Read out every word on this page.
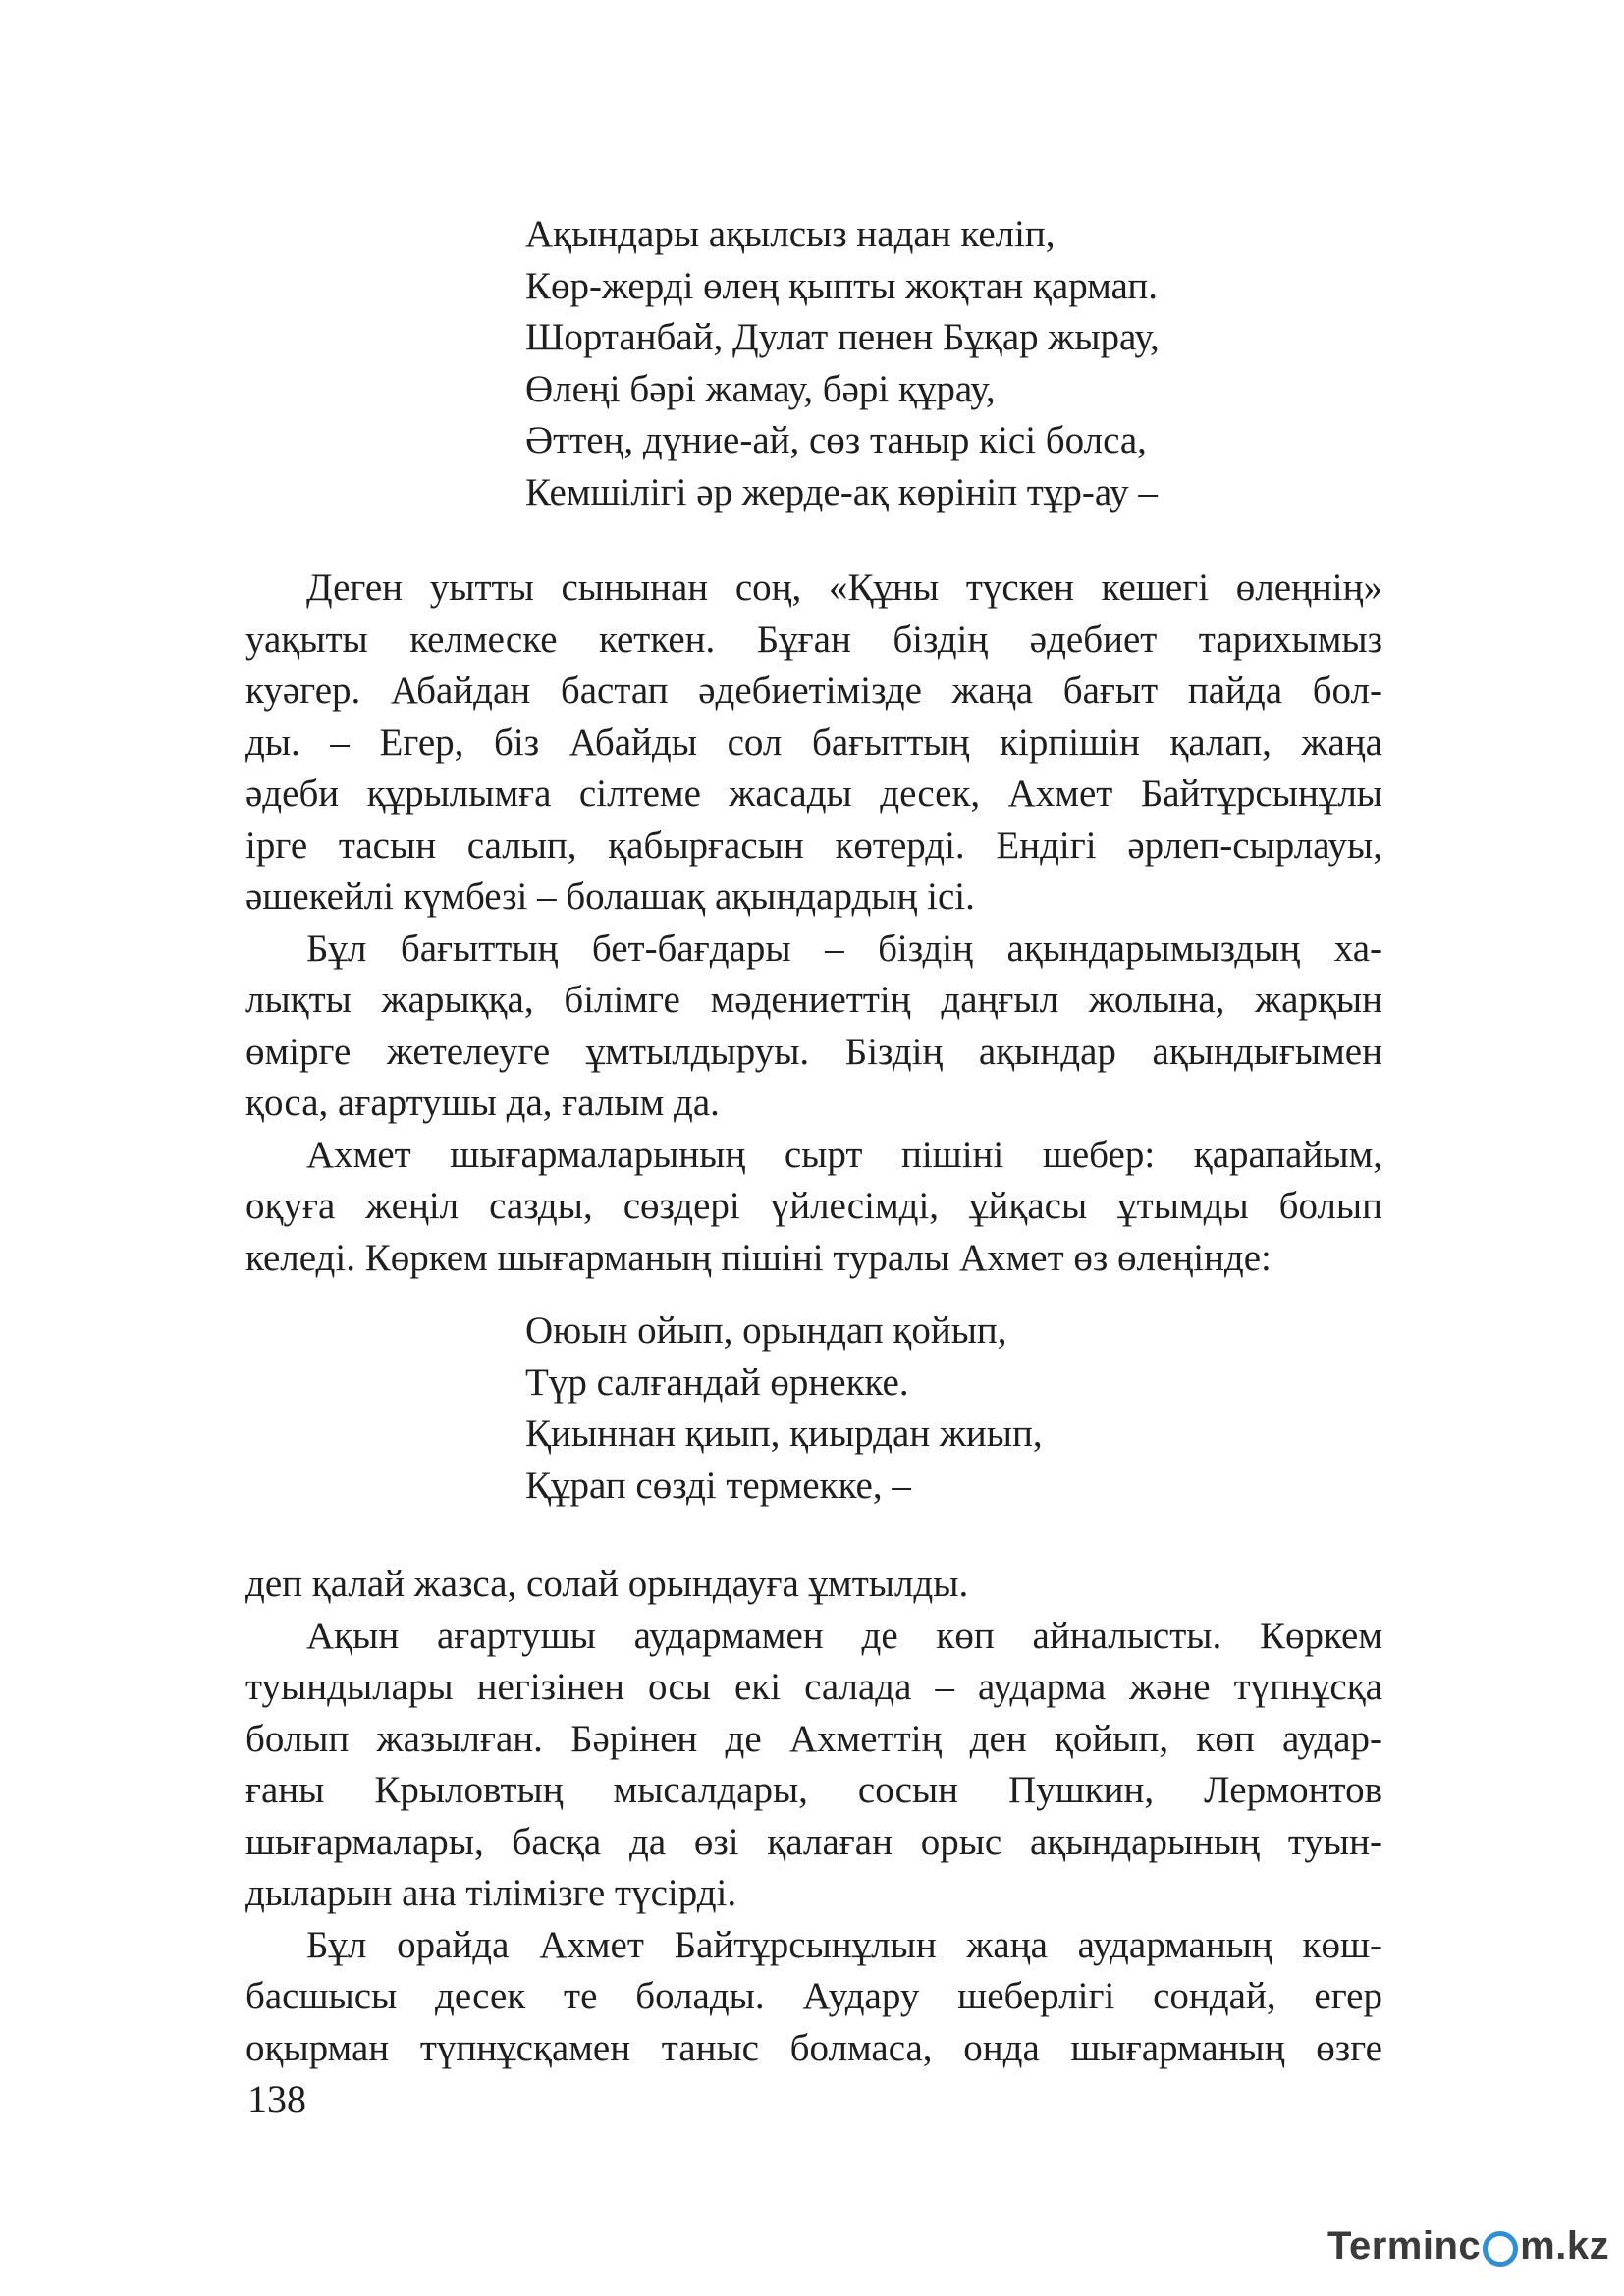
Ақындары ақылсыз надан келіп,
Көр-жерді өлең қыпты жоқтан қармап.
Шортанбай, Дулат пенен Бұқар жырау,
Өлеңі бәрі жамау, бәрі құрау,
Әттең, дүние-ай, сөз таныр кісі болса,
Кемшілігі әр жерде-ақ көрініп тұр-ау –
Деген уытты сынынан соң, «Құны түскен кешегі өлеңнің»
уақыты келмеске кеткен. Бұған біздің әдебиет тарихымыз
куәгер. Абайдан бастап әдебиетімізде жаңа бағыт пайда бол-
ды. – Егер, біз Абайды сол бағыттың кірпішін қалап, жаңа
әдеби құрылымға сілтеме жасады десек, Ахмет Байтұрсынұлы
ірге тасын салып, қабырғасын көтерді. Ендігі әрлеп-сырлауы,
әшекейлі күмбезі – болашақ ақындардың ісі.
Бұл бағыттың бет-бағдары – біздің ақындарымыздың ха-
лықты жарыққа, білімге мәдениеттің даңғыл жолына, жарқын
өмірге жетелеуге ұмтылдыруы. Біздің ақындар ақындығымен
қоса, ағартушы да, ғалым да.
Ахмет шығармаларының сырт пішіні шебер: қарапайым,
оқуға жеңіл сазды, сөздері үйлесімді, ұйқасы ұтымды болып
келеді. Көркем шығарманың пішіні туралы Ахмет өз өлеңінде:
Оюын ойып, орындап қойып,
Түр салғандай өрнекке.
Қиыннан қиып, қиырдан жиып,
Құрап сөзді термекке, –
деп қалай жазса, солай орындауға ұмтылды.
Ақын ағартушы аудармамен де көп айналысты. Көркем
туындылары негізінен осы екі салада – аударма және түпнұсқа
болып жазылған. Бәрінен де Ахметтің ден қойып, көп аудар-
ғаны Крыловтың мысалдары, сосын Пушкин, Лермонтов
шығармалары, басқа да өзі қалаған орыс ақындарының туын-
дыларын ана тілімізге түсірді.
Бұл орайда Ахмет Байтұрсынұлын жаңа аударманың көш-
басшысы десек те болады. Аудару шеберлігі сондай, егер
оқырман түпнұсқамен таныс болмаса, онда шығарманың өзге
138
Terminc m.kz
